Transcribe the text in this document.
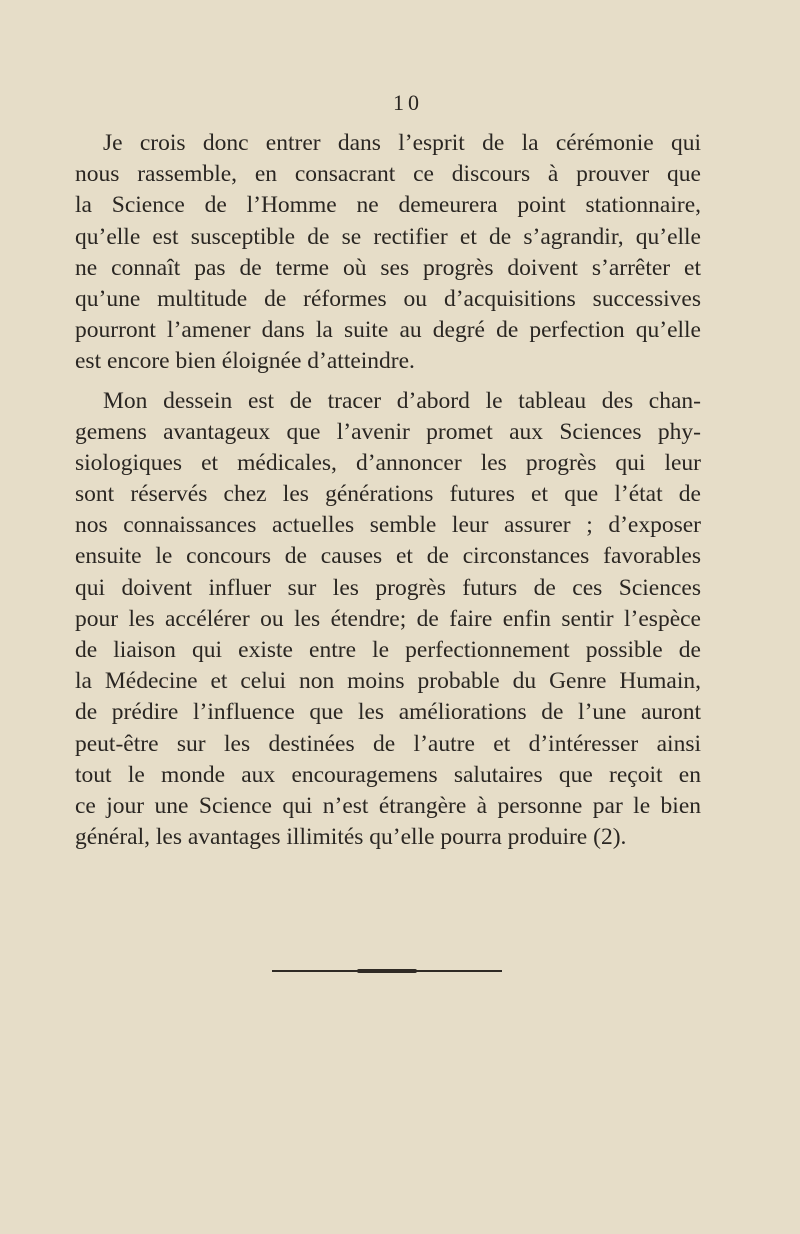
10
Je crois donc entrer dans l’esprit de la cérémonie qui
nous rassemble, en consacrant ce discours à prouver que
la Science de l’Homme ne demeurera point stationnaire,
qu’elle est susceptible de se rectifier et de s’agrandir, qu’elle
ne connaît pas de terme où ses progrès doivent s’arrêter et
qu’une multitude de réformes ou d’acquisitions successives
pourront l’amener dans la suite au degré de perfection qu’elle
est encore bien éloignée d’atteindre.
Mon dessein est de tracer d’abord le tableau des chan-
gemens avantageux que l’avenir promet aux Sciences phy-
siologiques et médicales, d’annoncer les progrès qui leur
sont réservés chez les générations futures et que l’état de
nos connaissances actuelles semble leur assurer ; d’exposer
ensuite le concours de causes et de circonstances favorables
qui doivent influer sur les progrès futurs de ces Sciences
pour les accélérer ou les étendre; de faire enfin sentir l’espèce
de liaison qui existe entre le perfectionnement possible de
la Médecine et celui non moins probable du Genre Humain,
de prédire l’influence que les améliorations de l’une auront
peut-être sur les destinées de l’autre et d’intéresser ainsi
tout le monde aux encouragemens salutaires que reçoit en
ce jour une Science qui n’est étrangère à personne par le bien
général, les avantages illimités qu’elle pourra produire (2).
